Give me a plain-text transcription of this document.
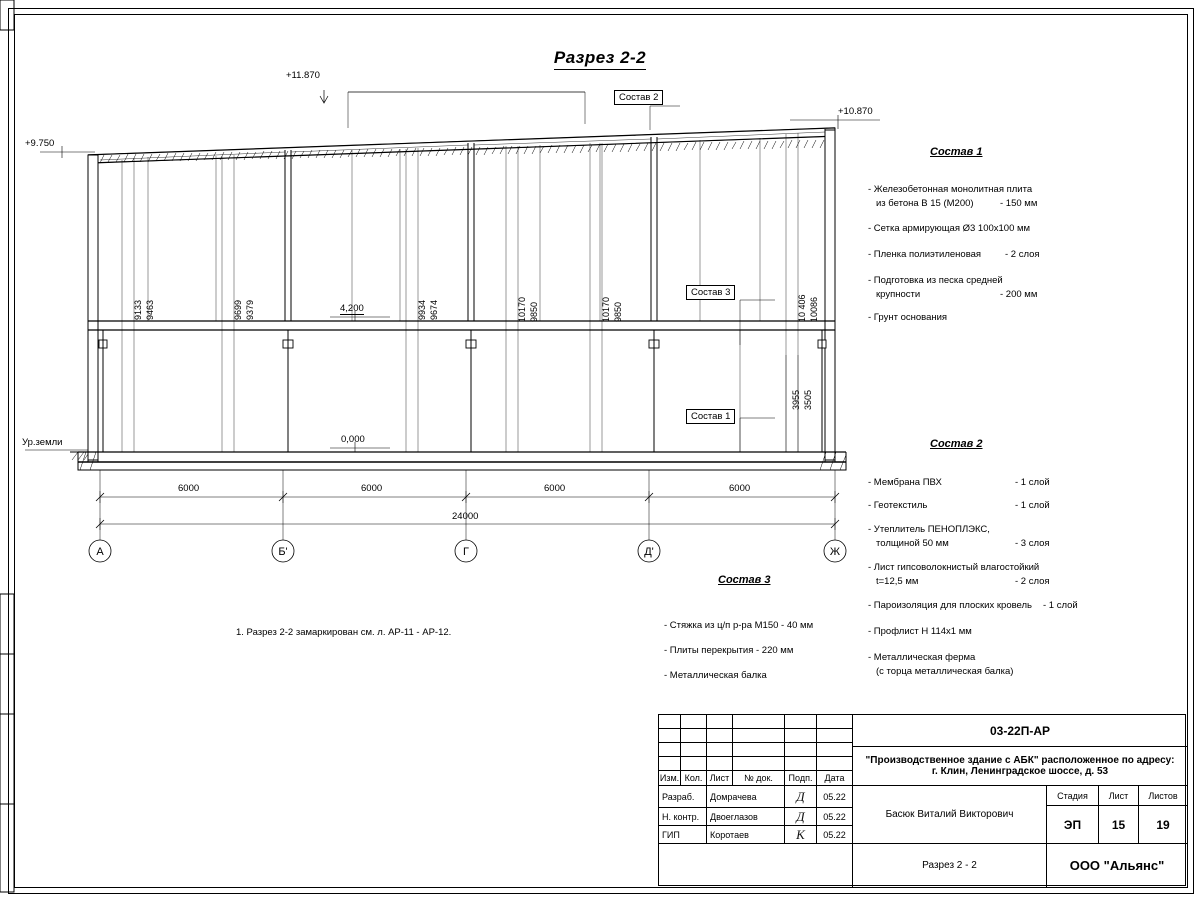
Разрез 2-2
А	Б'	Г	Д'	Ж
+11.870
+9.750
+10.870
4,200
0,000
Ур.земли
Состав 2
Состав 3
Состав 1
9133 9463	9699 9379	9934 9674	10170 9850	10170 9850	10 406 10086
3955 3505
6000	6000	6000	6000
24000
1. Разрез 2-2 замаркирован см. л. АР-11 - АР-12.
Состав 1
- Железобетонная монолитная плита
из бетона В 15 (М200)	- 150 мм
- Сетка армирующая Ø3 100х100 мм
- Пленка полиэтиленовая	- 2 слоя
- Подготовка из песка средней
крупности	- 200 мм
- Грунт основания
Состав 2
- Мембрана ПВХ	- 1 слой
- Геотекстиль	- 1 слой
- Утеплитель ПЕНОПЛЭКС,
толщиной 50 мм	- 3 слоя
- Лист гипсоволокнистый влагостойкий
t=12,5 мм	- 2 слоя
- Пароизоляция для плоских кровель - 1 слой
- Профлист Н 114х1 мм
- Металлическая ферма
(с торца металлическая балка)
Состав 3
- Стяжка из ц/п р-ра М150 - 40 мм
- Плиты перекрытия - 220 мм
- Металлическая балка
Изм. Кол. Лист	№ док.	Подп.	Дата
Разраб.	Домрачева	Д	05.22
Н. контр.	Двоеглазов	Д	05.22
ГИП	Коротаев	К	05.22
03-22П-АР
"Производственное здание с АБК" расположенное по адресу:
г. Клин, Ленинградское шоссе, д. 53
Басюк Виталий Викторович
Стадия	Лист	Листов
ЭП	15	19
Разрез 2 - 2	ООО "Альянс"
